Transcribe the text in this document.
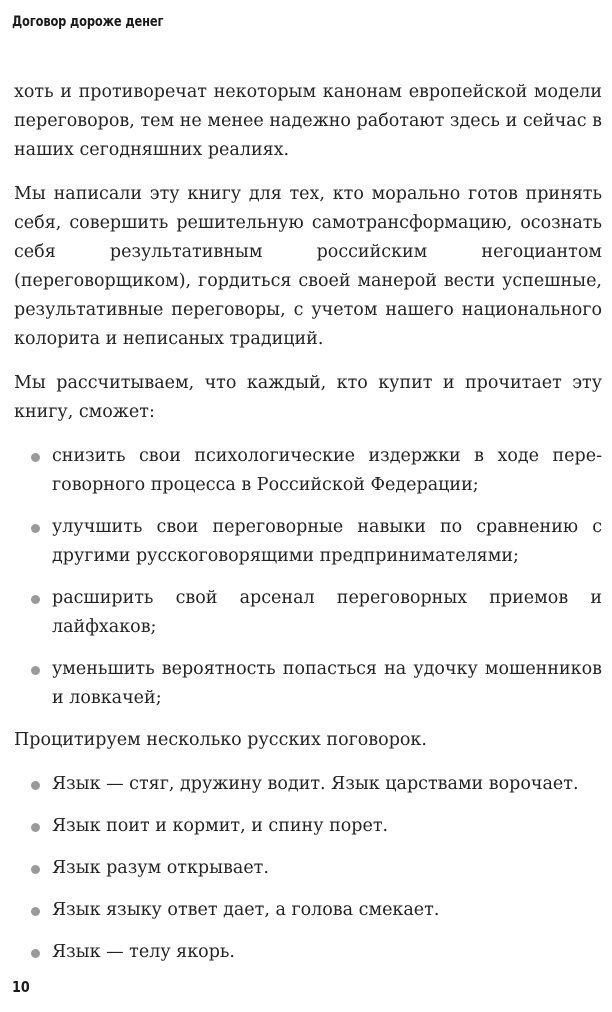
Договор дороже денег

хоть и противоречат некоторым канонам европейской модели переговоров, тем не менее надежно работают здесь и сейчас в наших сегодняшних реалиях.

Мы написали эту книгу для тех, кто морально готов принять себя, совершить решительную самотрансформацию, осознать себя результативным российским негоциантом (переговорщиком), гордиться своей манерой вести успешные, результативные переговоры, с учетом нашего национального колорита и неписаных традиций.

Мы рассчитываем, что каждый, кто купит и прочитает эту книгу, сможет:

снизить свои психологические издержки в ходе переговорного процесса в Российской Федерации;
улучшить свои переговорные навыки по сравнению с другими русскоговорящими предпринимателями;
расширить свой арсенал переговорных приемов и лайфхаков;
уменьшить вероятность попасться на удочку мошенников и ловкачей;

Процитируем несколько русских поговорок.

Язык — стяг, дружину водит. Язык царствами ворочает.
Язык поит и кормит, и спину порет.
Язык разум открывает.
Язык языку ответ дает, а голова смекает.
Язык — телу якорь.
10
